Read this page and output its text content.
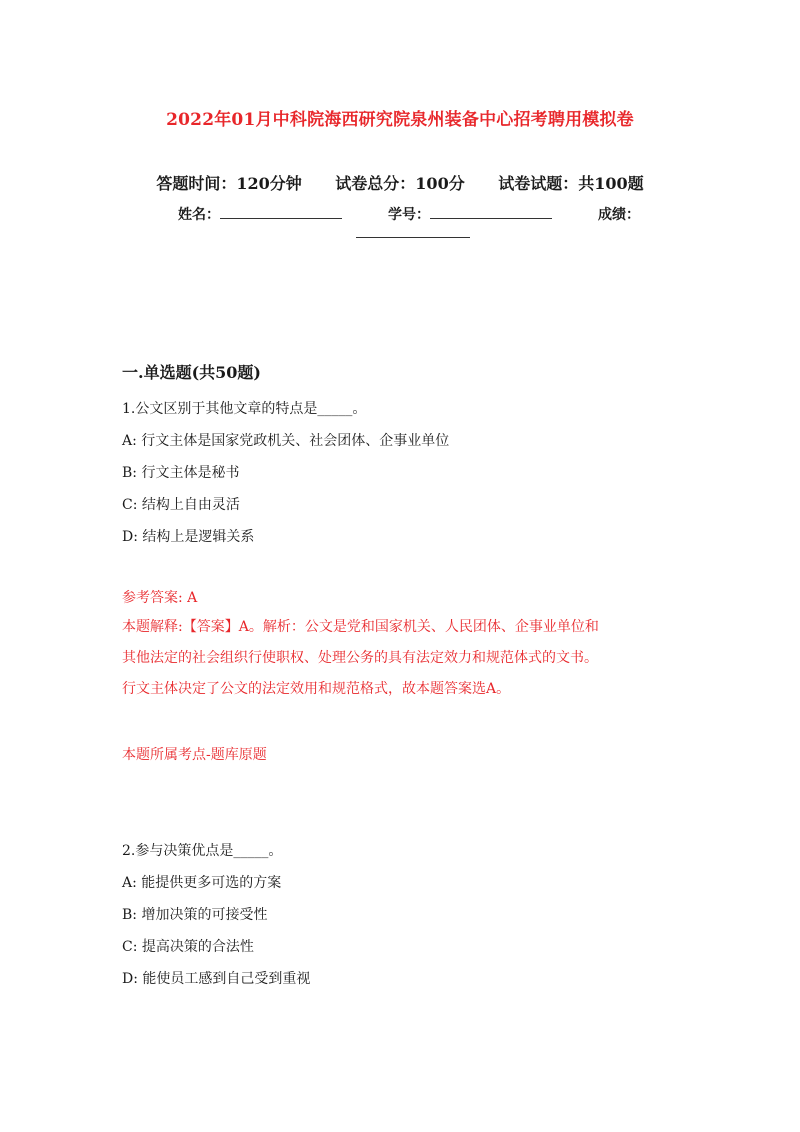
2022年01月中科院海西研究院泉州装备中心招考聘用模拟卷
答题时间：120分钟 试卷总分：100分 试卷试题：共100题
姓名：	学号：	成绩：
一.单选题(共50题)
1.公文区别于其他文章的特点是_____。
A: 行文主体是国家党政机关、社会团体、企事业单位
B: 行文主体是秘书
C: 结构上自由灵活
D: 结构上是逻辑关系
参考答案: A
本题解释:【答案】A。解析：公文是党和国家机关、人民团体、企事业单位和
其他法定的社会组织行使职权、处理公务的具有法定效力和规范体式的文书。
行文主体决定了公文的法定效用和规范格式，故本题答案选A。
本题所属考点-题库原题
2.参与决策优点是_____。
A: 能提供更多可选的方案
B: 增加决策的可接受性
C: 提高决策的合法性
D: 能使员工感到自己受到重视
